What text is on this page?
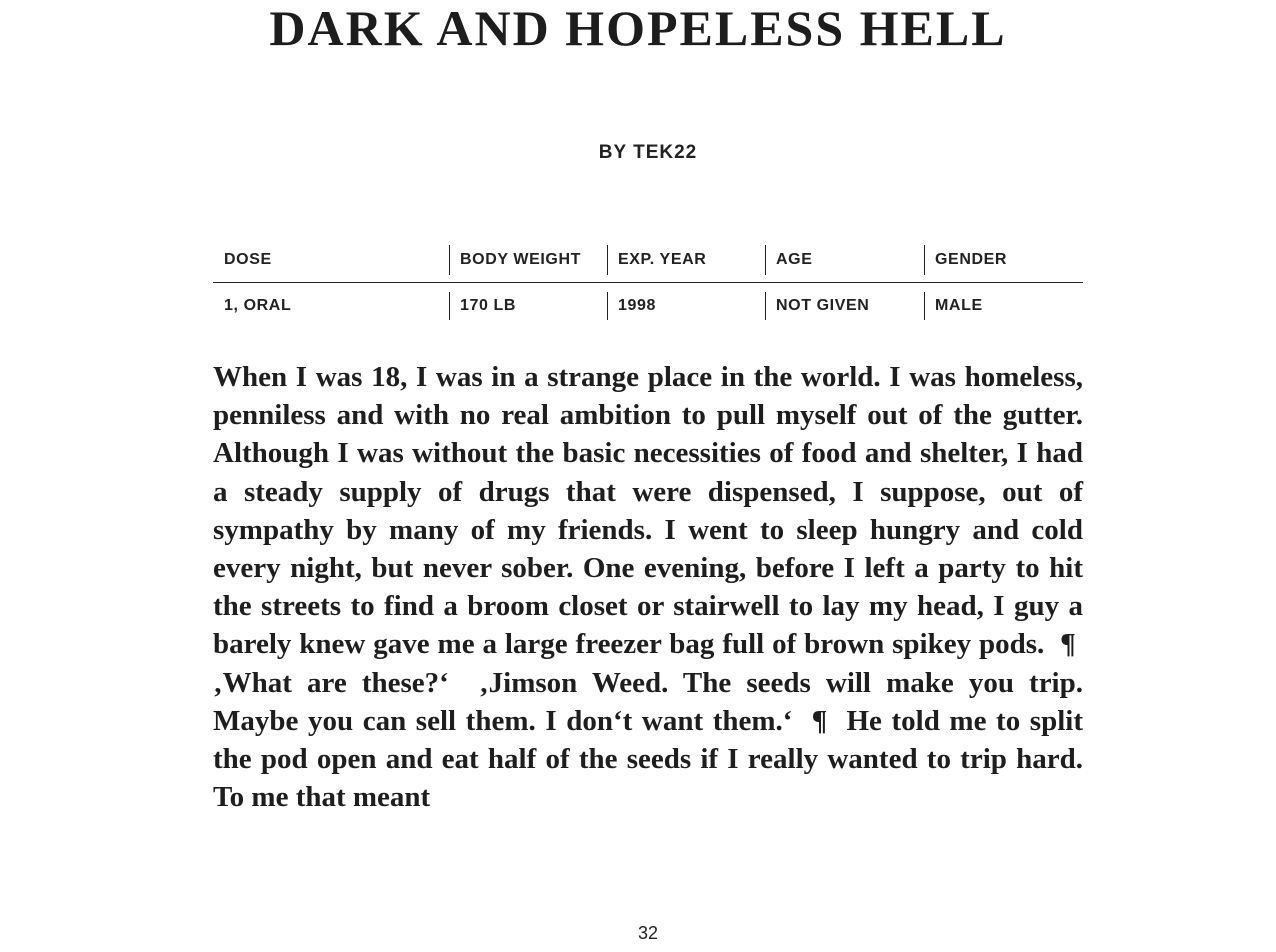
DARK AND HOPELESS HELL
BY TEK22
DOSE	BODY WEIGHT	EXP. YEAR	AGE	GENDER
1, ORAL	170 LB	1998	NOT GIVEN	MALE
When I was 18, I was in a strange place in the world. I was homeless, penniless and with no real ambition to pull myself out of the gutter. Although I was without the basic necessities of food and shelter, I had a steady supply of drugs that were dispensed, I suppose, out of sympathy by many of my friends. I went to sleep hungry and cold every night, but never sober. One evening, before I left a party to hit the streets to find a broom closet or stairwell to lay my head, I guy a barely knew gave me a large freezer bag full of brown spikey pods.  ¶  ‚What are these?‘  ‚Jimson Weed. The seeds will make you trip. Maybe you can sell them. I don‘t want them.‘  ¶  He told me to split the pod open and eat half of the seeds if I really wanted to trip hard. To me that meant
32
